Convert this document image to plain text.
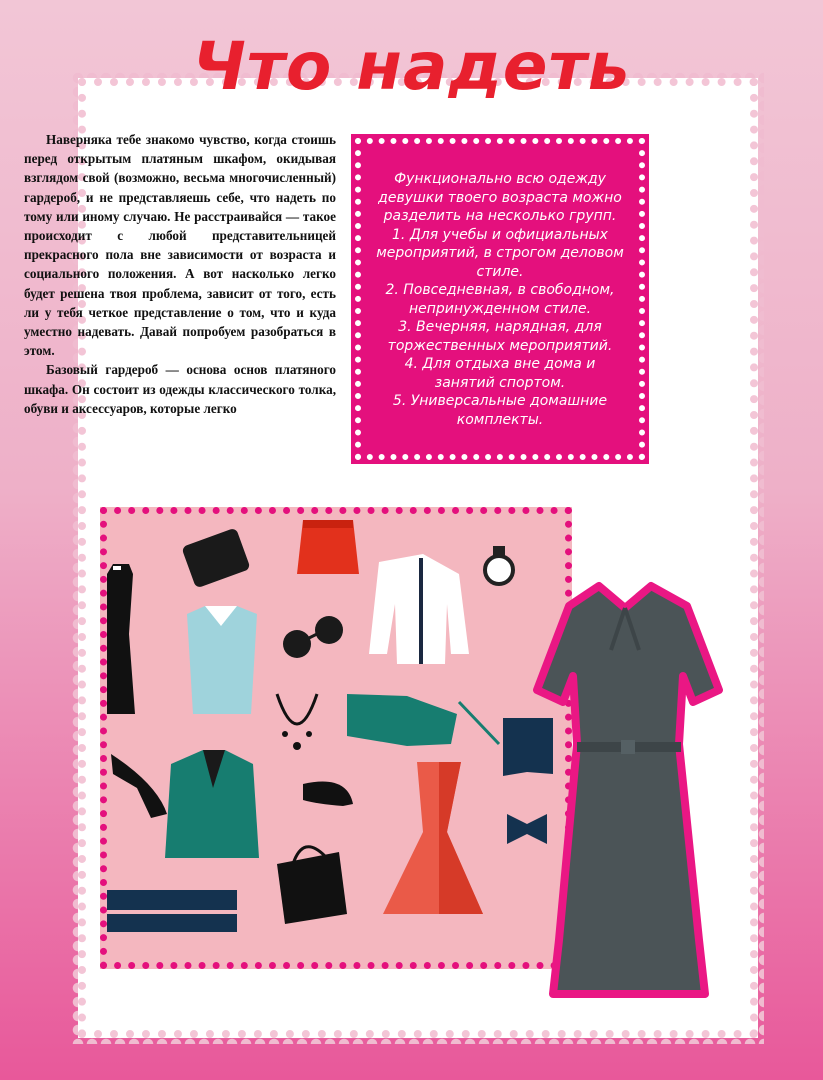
Что надеть

Наверняка тебе знакомо чувство, когда стоишь перед открытым платяным шкафом, окидывая взглядом свой (возможно, весьма многочисленный) гардероб, и не представляешь себе, что надеть по тому или иному случаю. Не расстраивайся — такое происходит с любой представительницей прекрасного пола вне зависимости от возраста и социального положения. А вот насколько легко будет решена твоя проблема, зависит от того, есть ли у тебя четкое представление о том, что и куда уместно надевать. Давай попробуем разобраться в этом.

Базовый гардероб — основа основ платяного шкафа. Он состоит из одежды классического толка, обуви и аксессуаров, которые легко

Функционально всю одежду девушки твоего возраста можно разделить на несколько групп.

1. Для учебы и официальных мероприятий, в строгом деловом стиле.

2. Повседневная, в свободном, непринужденном стиле.

3. Вечерняя, нарядная, для торжественных мероприятий.

4. Для отдыха вне дома и занятий спортом.

5. Универсальные домашние комплекты.

8
